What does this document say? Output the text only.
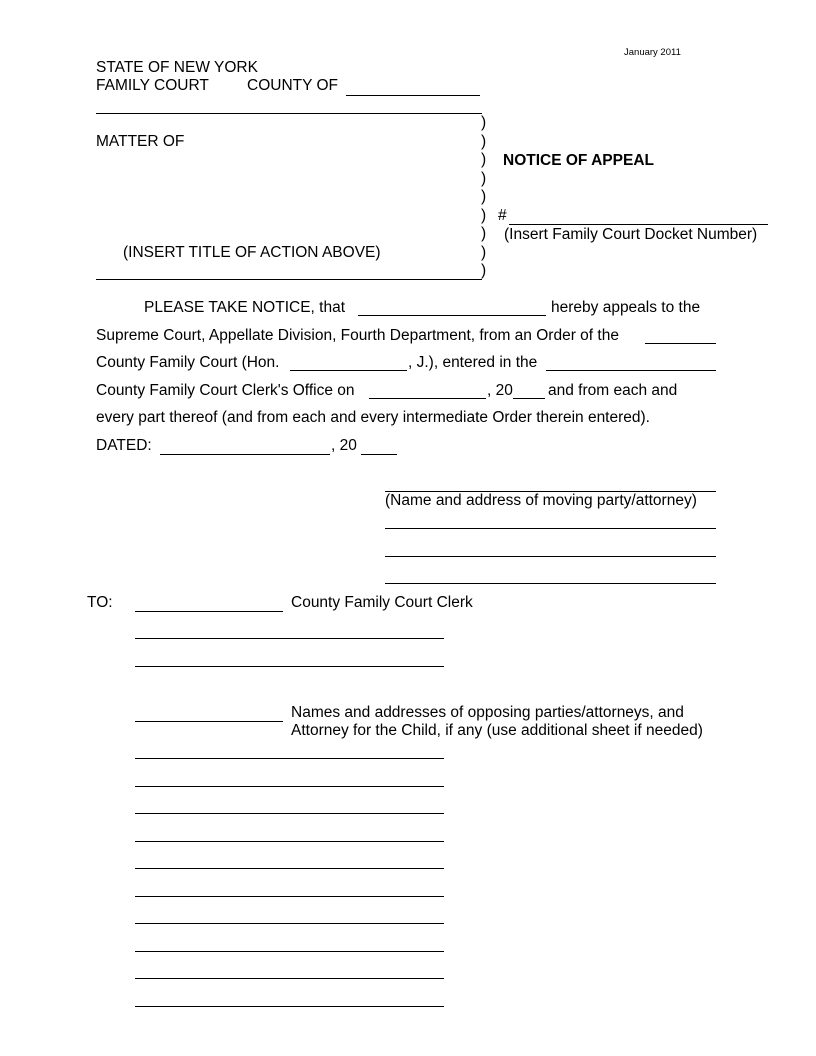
January 2011
STATE OF NEW YORK
FAMILY COURT COUNTY OF
MATTER OF
(INSERT TITLE OF ACTION ABOVE)
)
)
)
)
)
)
)
)
)
NOTICE OF APPEAL
#
(Insert Family Court Docket Number)
PLEASE TAKE NOTICE, that	hereby appeals to the
Supreme Court, Appellate Division, Fourth Department, from an Order of the
County Family Court (Hon.	, J.), entered in the
County Family Court Clerk's Office on	, 20 and from each and
every part thereof (and from each and every intermediate Order therein entered).
DATED:	, 20
(Name and address of moving party/attorney)
TO:	County Family Court Clerk
Names and addresses of opposing parties/attorneys, and
Attorney for the Child, if any (use additional sheet if needed)
